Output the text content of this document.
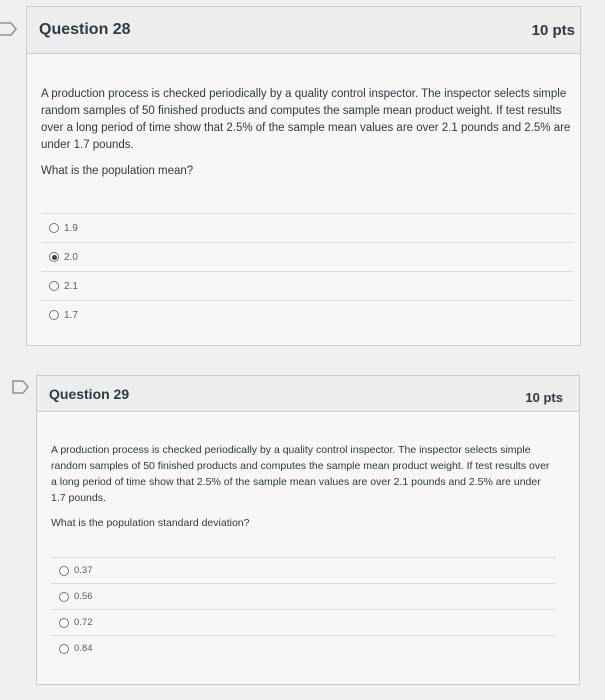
Question 28	10 pts

A production process is checked periodically by a quality control inspector. The inspector selects simple random samples of 50 finished products and computes the sample mean product weight. If test results over a long period of time show that 2.5% of the sample mean values are over 2.1 pounds and 2.5% are under 1.7 pounds.

What is the population mean?

1.9
2.0
2.1
1.7
Question 29	10 pts

A production process is checked periodically by a quality control inspector. The inspector selects simple random samples of 50 finished products and computes the sample mean product weight. If test results over a long period of time show that 2.5% of the sample mean values are over 2.1 pounds and 2.5% are under 1.7 pounds.

What is the population standard deviation?

0.37
0.56
0.72
0.84
